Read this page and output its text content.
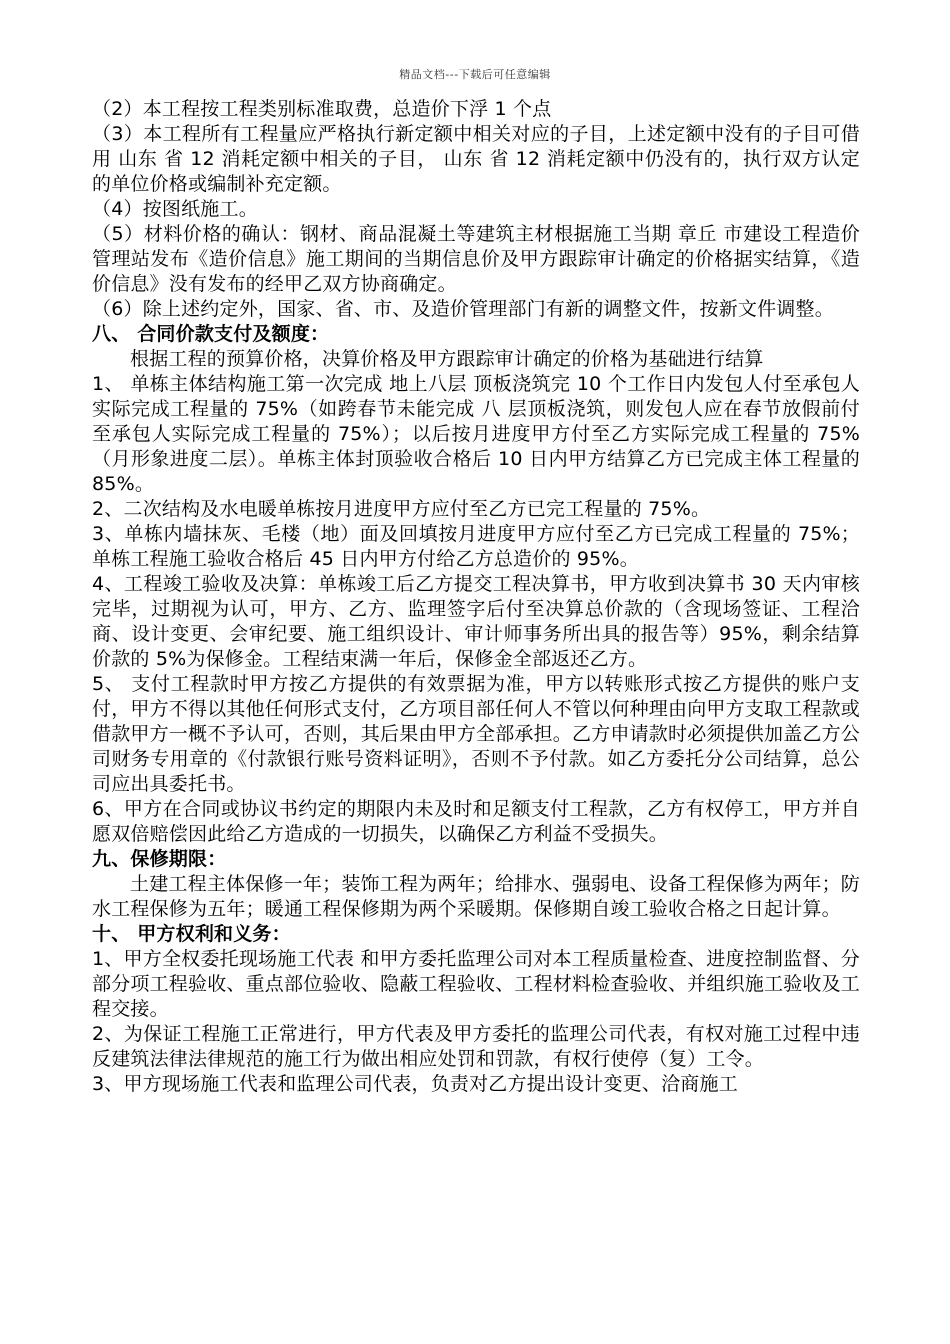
精品文档---下载后可任意编辑

（2）本工程按工程类别标准取费，总造价下浮 1 个点

（3）本工程所有工程量应严格执行新定额中相关对应的子目，上述定额中没有的子目可借用 山东 省 12 消耗定额中相关的子目， 山东 省 12 消耗定额中仍没有的，执行双方认定的单位价格或编制补充定额。

（4）按图纸施工。

（5）材料价格的确认：钢材、商品混凝土等建筑主材根据施工当期 章丘 市建设工程造价管理站发布《造价信息》施工期间的当期信息价及甲方跟踪审计确定的价格据实结算，《造价信息》没有发布的经甲乙双方协商确定。

（6）除上述约定外，国家、省、市、及造价管理部门有新的调整文件，按新文件调整。

八、 合同价款支付及额度：

根据工程的预算价格，决算价格及甲方跟踪审计确定的价格为基础进行结算

1、 单栋主体结构施工第一次完成 地上八层 顶板浇筑完 10 个工作日内发包人付至承包人实际完成工程量的 75%（如跨春节未能完成 八 层顶板浇筑，则发包人应在春节放假前付至承包人实际完成工程量的 75%）；以后按月进度甲方付至乙方实际完成工程量的 75%（月形象进度二层）。单栋主体封顶验收合格后 10 日内甲方结算乙方已完成主体工程量的 85%。

2、二次结构及水电暖单栋按月进度甲方应付至乙方已完工程量的 75%。

3、单栋内墙抹灰、毛楼（地）面及回填按月进度甲方应付至乙方已完成工程量的 75%；单栋工程施工验收合格后 45 日内甲方付给乙方总造价的 95%。

4、工程竣工验收及决算：单栋竣工后乙方提交工程决算书，甲方收到决算书 30 天内审核完毕，过期视为认可，甲方、乙方、监理签字后付至决算总价款的（含现场签证、工程洽商、设计变更、会审纪要、施工组织设计、审计师事务所出具的报告等）95%，剩余结算价款的 5%为保修金。工程结束满一年后，保修金全部返还乙方。

5、 支付工程款时甲方按乙方提供的有效票据为准，甲方以转账形式按乙方提供的账户支付，甲方不得以其他任何形式支付，乙方项目部任何人不管以何种理由向甲方支取工程款或借款甲方一概不予认可，否则，其后果由甲方全部承担。乙方申请款时必须提供加盖乙方公司财务专用章的《付款银行账号资料证明》，否则不予付款。如乙方委托分公司结算，总公司应出具委托书。

6、甲方在合同或协议书约定的期限内未及时和足额支付工程款，乙方有权停工，甲方并自愿双倍赔偿因此给乙方造成的一切损失，以确保乙方利益不受损失。

九、保修期限：

土建工程主体保修一年；装饰工程为两年；给排水、强弱电、设备工程保修为两年；防水工程保修为五年；暖通工程保修期为两个采暖期。保修期自竣工验收合格之日起计算。

十、 甲方权利和义务：

1、甲方全权委托现场施工代表 和甲方委托监理公司对本工程质量检查、进度控制监督、分部分项工程验收、重点部位验收、隐蔽工程验收、工程材料检查验收、并组织施工验收及工程交接。

2、为保证工程施工正常进行，甲方代表及甲方委托的监理公司代表，有权对施工过程中违反建筑法律法律规范的施工行为做出相应处罚和罚款，有权行使停（复）工令。

3、甲方现场施工代表和监理公司代表，负责对乙方提出设计变更、洽商施工
